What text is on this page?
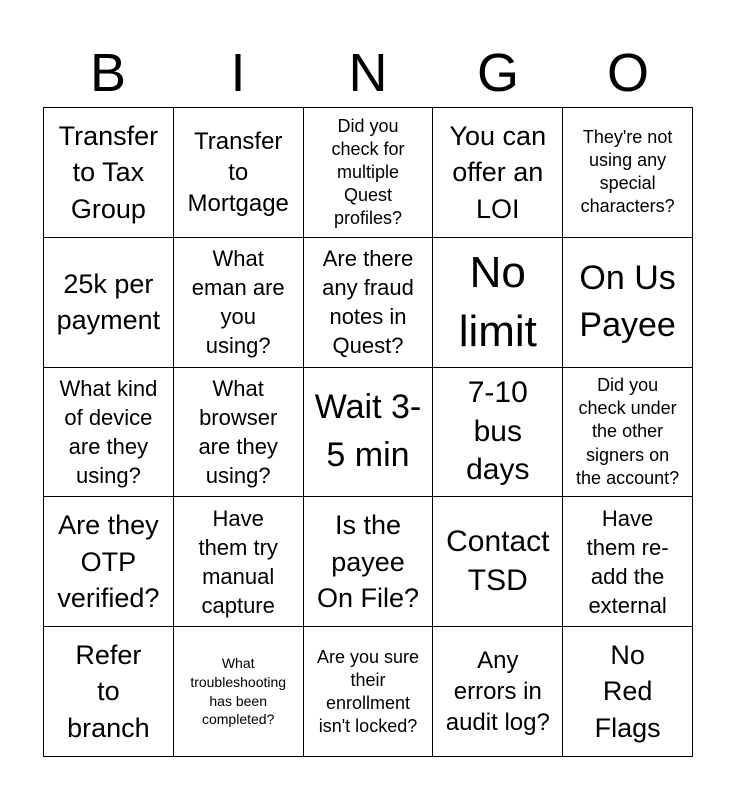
B	I	N	G	O
Transfer
to Tax
Group
Transfer
to
Mortgage
Did you
check for
multiple
Quest
profiles?
You can
offer an
LOI
They're not
using any
special
characters?
25k per
payment
What
eman are
you
using?
Are there
any fraud
notes in
Quest?
No
limit
On Us
Payee
What kind
of device
are they
using?
What
browser
are they
using?
Wait 3-
5 min
7-10
bus
days
Did you
check under
the other
signers on
the account?
Are they
OTP
verified?
Have
them try
manual
capture
Is the
payee
On File?
Contact
TSD
Have
them re-
add the
external
Refer
to
branch
What
troubleshooting
has been
completed?
Are you sure
their
enrollment
isn't locked?
Any
errors in
audit log?
No
Red
Flags
